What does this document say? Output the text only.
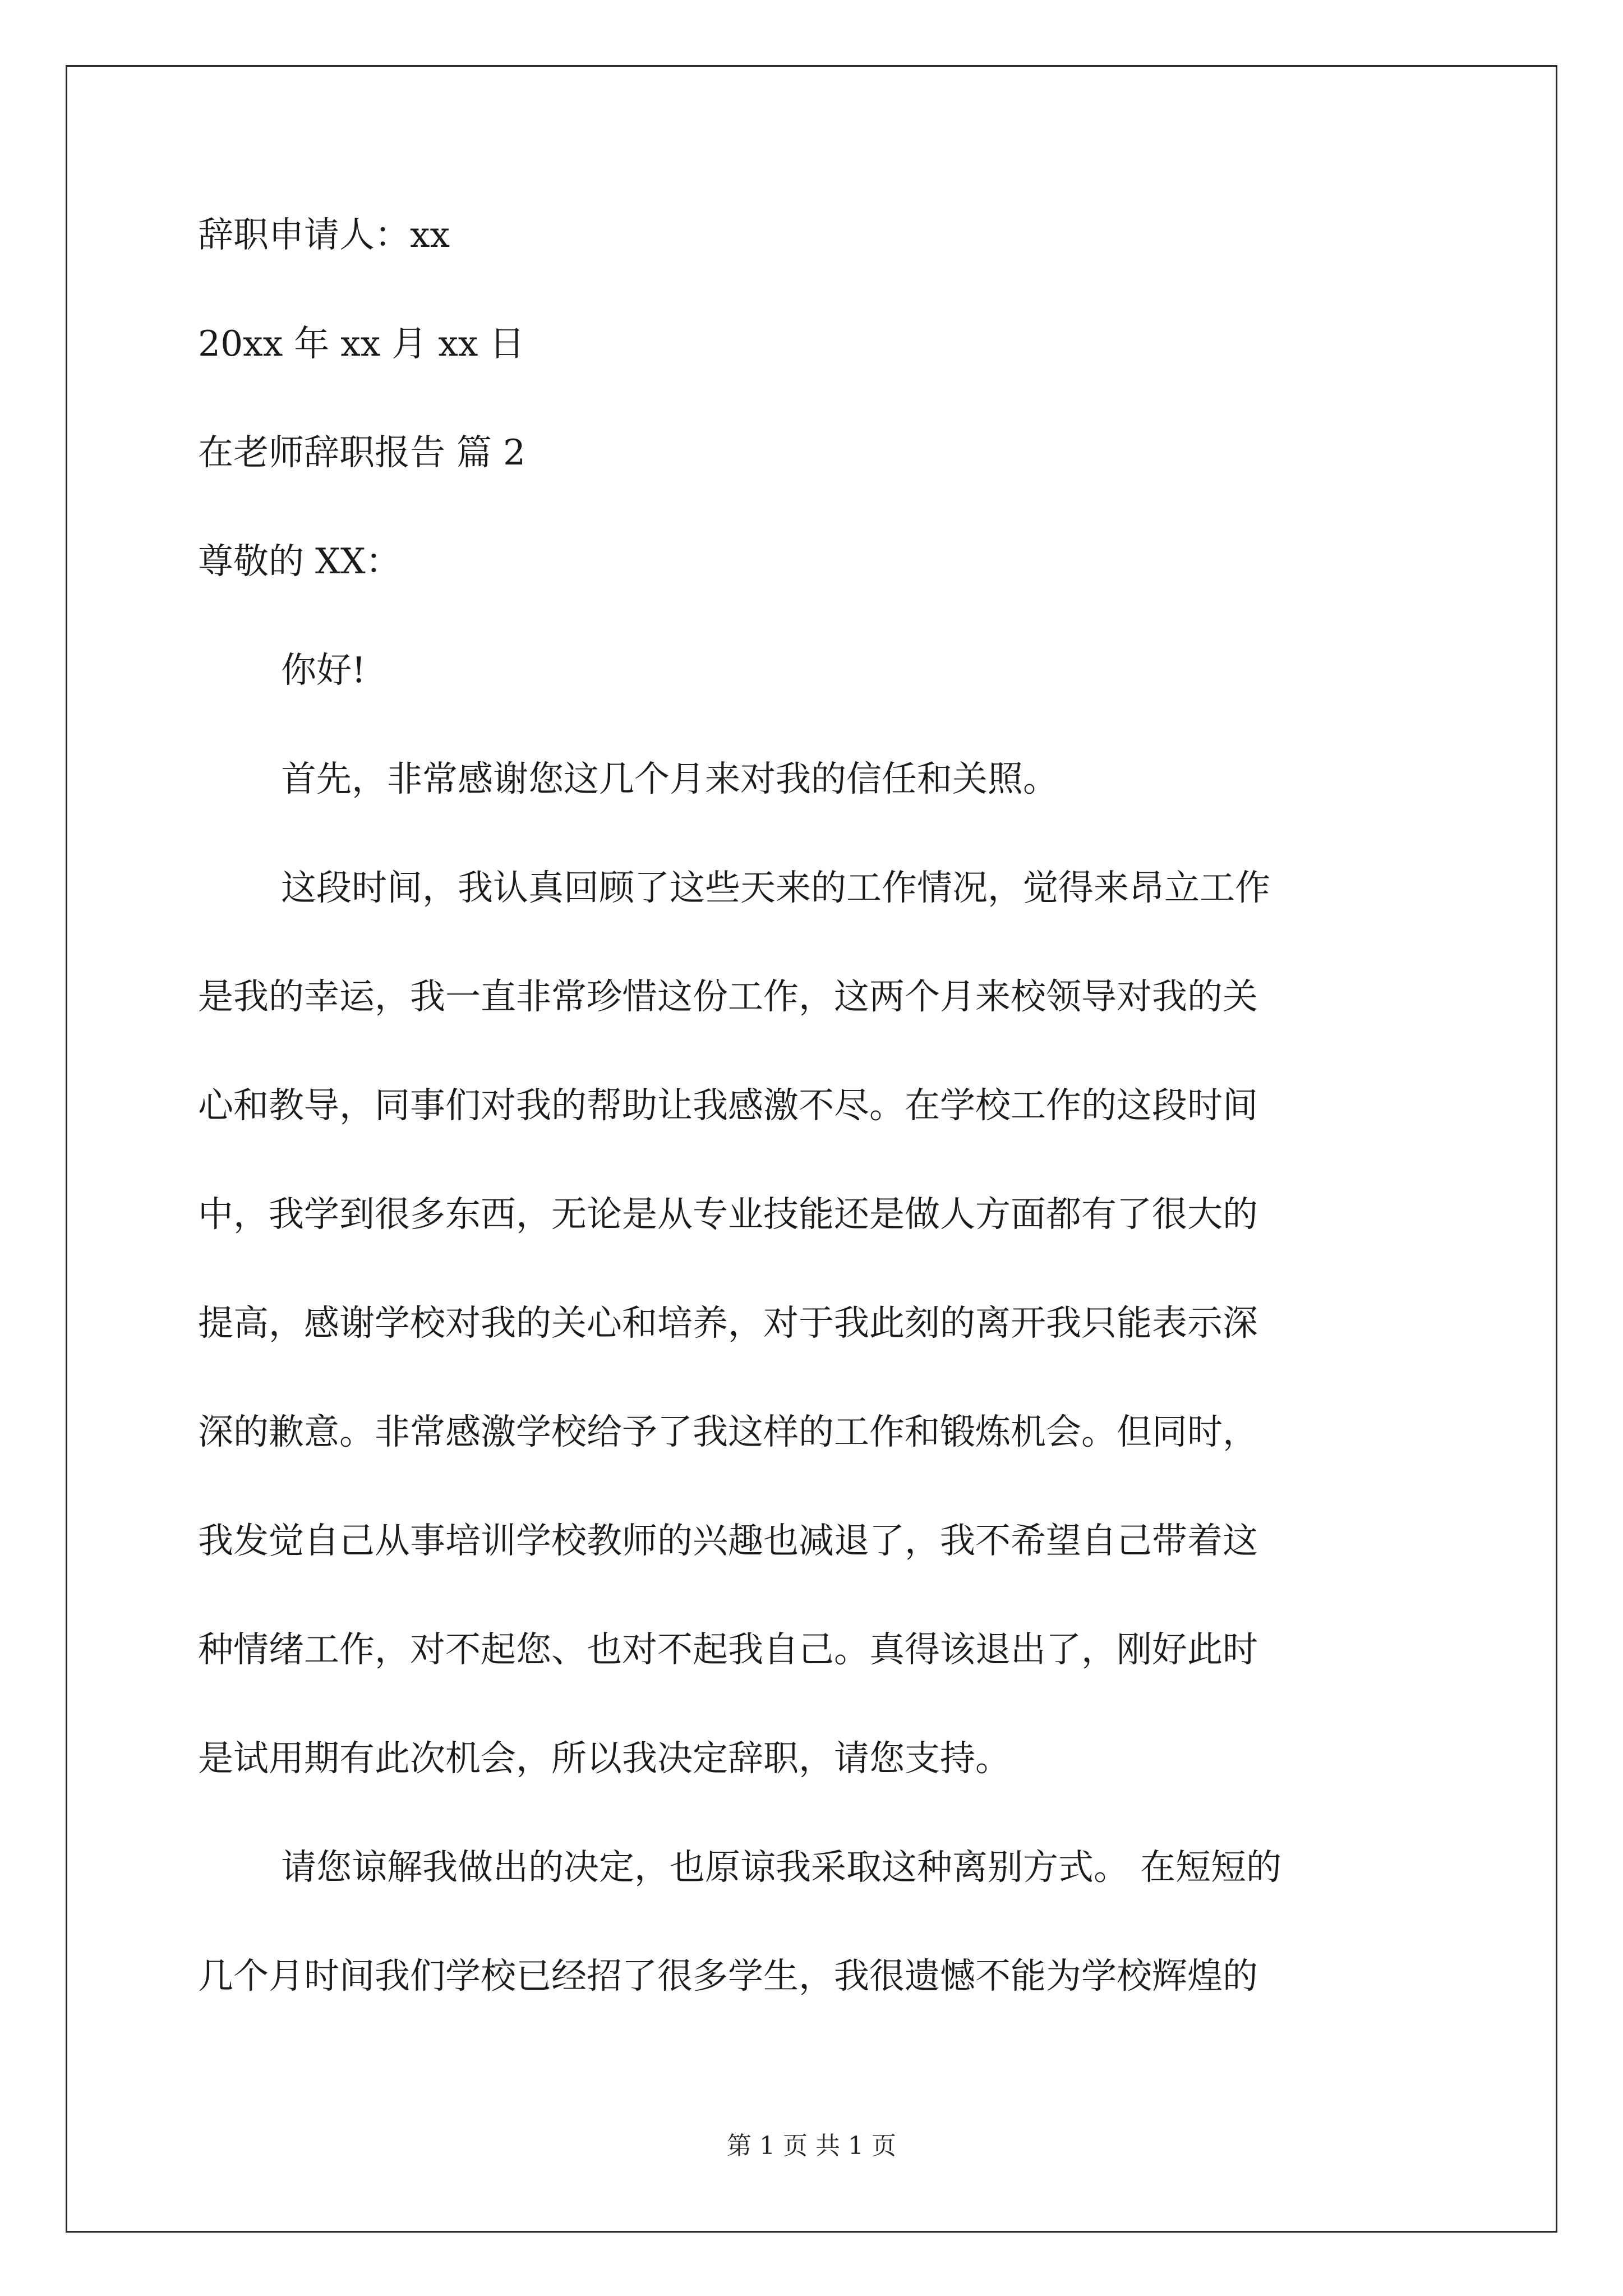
辞职申请人：xx
20xx 年 xx 月 xx 日
在老师辞职报告 篇 2
尊敬的 XX：
你好!
首先，非常感谢您这几个月来对我的信任和关照。
这段时间，我认真回顾了这些天来的工作情况，觉得来昂立工作
是我的幸运，我一直非常珍惜这份工作，这两个月来校领导对我的关
心和教导，同事们对我的帮助让我感激不尽。在学校工作的这段时间
中，我学到很多东西，无论是从专业技能还是做人方面都有了很大的
提高，感谢学校对我的关心和培养，对于我此刻的离开我只能表示深
深的歉意。非常感激学校给予了我这样的工作和锻炼机会。但同时，
我发觉自己从事培训学校教师的兴趣也减退了，我不希望自己带着这
种情绪工作，对不起您、也对不起我自己。真得该退出了，刚好此时
是试用期有此次机会，所以我决定辞职，请您支持。
请您谅解我做出的决定，也原谅我采取这种离别方式。 在短短的
几个月时间我们学校已经招了很多学生，我很遗憾不能为学校辉煌的
第 1 页 共 1 页
